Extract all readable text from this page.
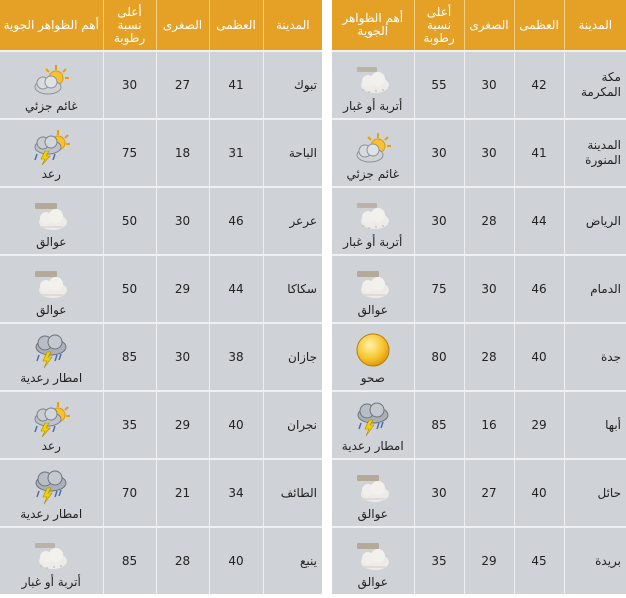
المدينة	العظمى	الصغرى	أعلى نسبة رطوبة	أهم الظواهر الجوية
مكة المكرمة	42	30	55	أتربة أو غبار

المدينة المنورة	41	30	30	غائم جزئي

الرياض	44	28	30	أتربة أو غبار

الدمام	46	30	75	عوالق

جدة	40	28	80	صحو

أبها	29	16	85	امطار رعدية

حائل	40	27	30	عوالق

بريدة	45	29	35	عوالق
المدينة	العظمى	الصغرى	أعلى نسبة رطوبة	أهم الظواهر الجوية
تبوك	41	27	30	غائم جزئي

الباحة	31	18	75	رعد

عرعر	46	30	50	عوالق

سكاكا	44	29	50	عوالق

جازان	38	30	85	امطار رعدية

نجران	40	29	35	رعد

الطائف	34	21	70	امطار رعدية

ينبع	40	28	85	أتربة أو غبار
